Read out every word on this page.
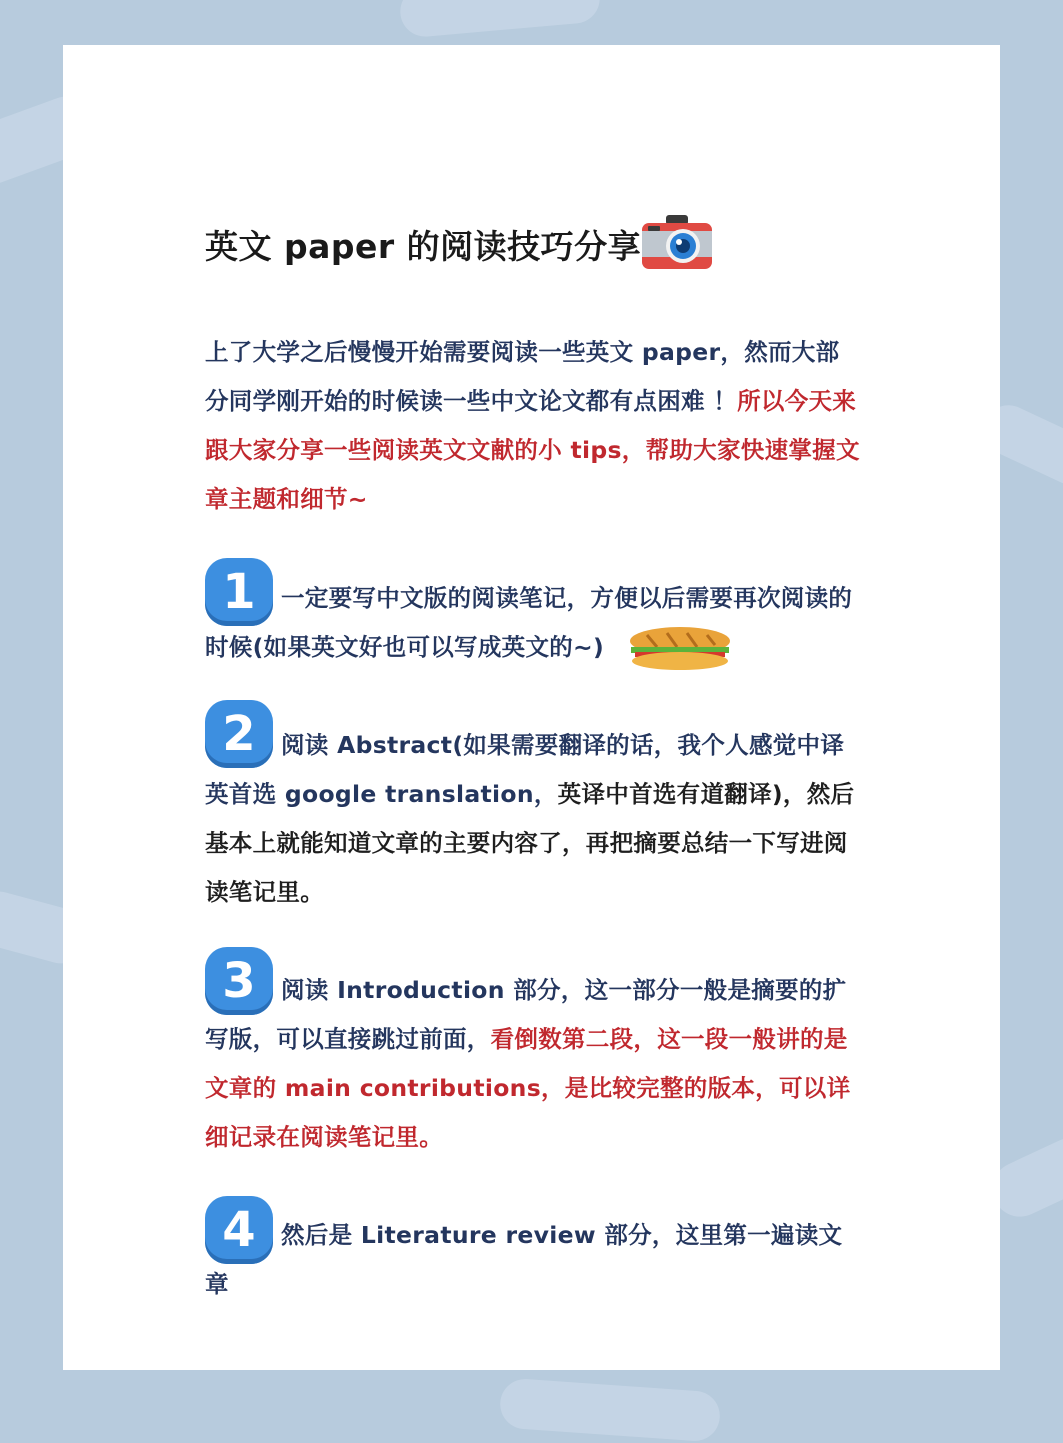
英文 paper 的阅读技巧分享
上了大学之后慢慢开始需要阅读一些英文 paper，然而大部分同学刚开始的时候读一些中文论文都有点困难 ！所以今天来跟大家分享一些阅读英文文献的小 tips，帮助大家快速掌握文章主题和细节~
1	一定要写中文版的阅读笔记，方便以后需要再次阅读的时候(如果英文好也可以写成英文的~)
2	阅读 Abstract(如果需要翻译的话，我个人感觉中译英首选 google translation，英译中首选有道翻译)，然后基本上就能知道文章的主要内容了，再把摘要总结一下写进阅读笔记里。
3	阅读 Introduction 部分，这一部分一般是摘要的扩写版，可以直接跳过前面，看倒数第二段，这一段一般讲的是文章的 main contributions，是比较完整的版本，可以详细记录在阅读笔记里。
4	然后是 Literature review 部分，这里第一遍读文章
